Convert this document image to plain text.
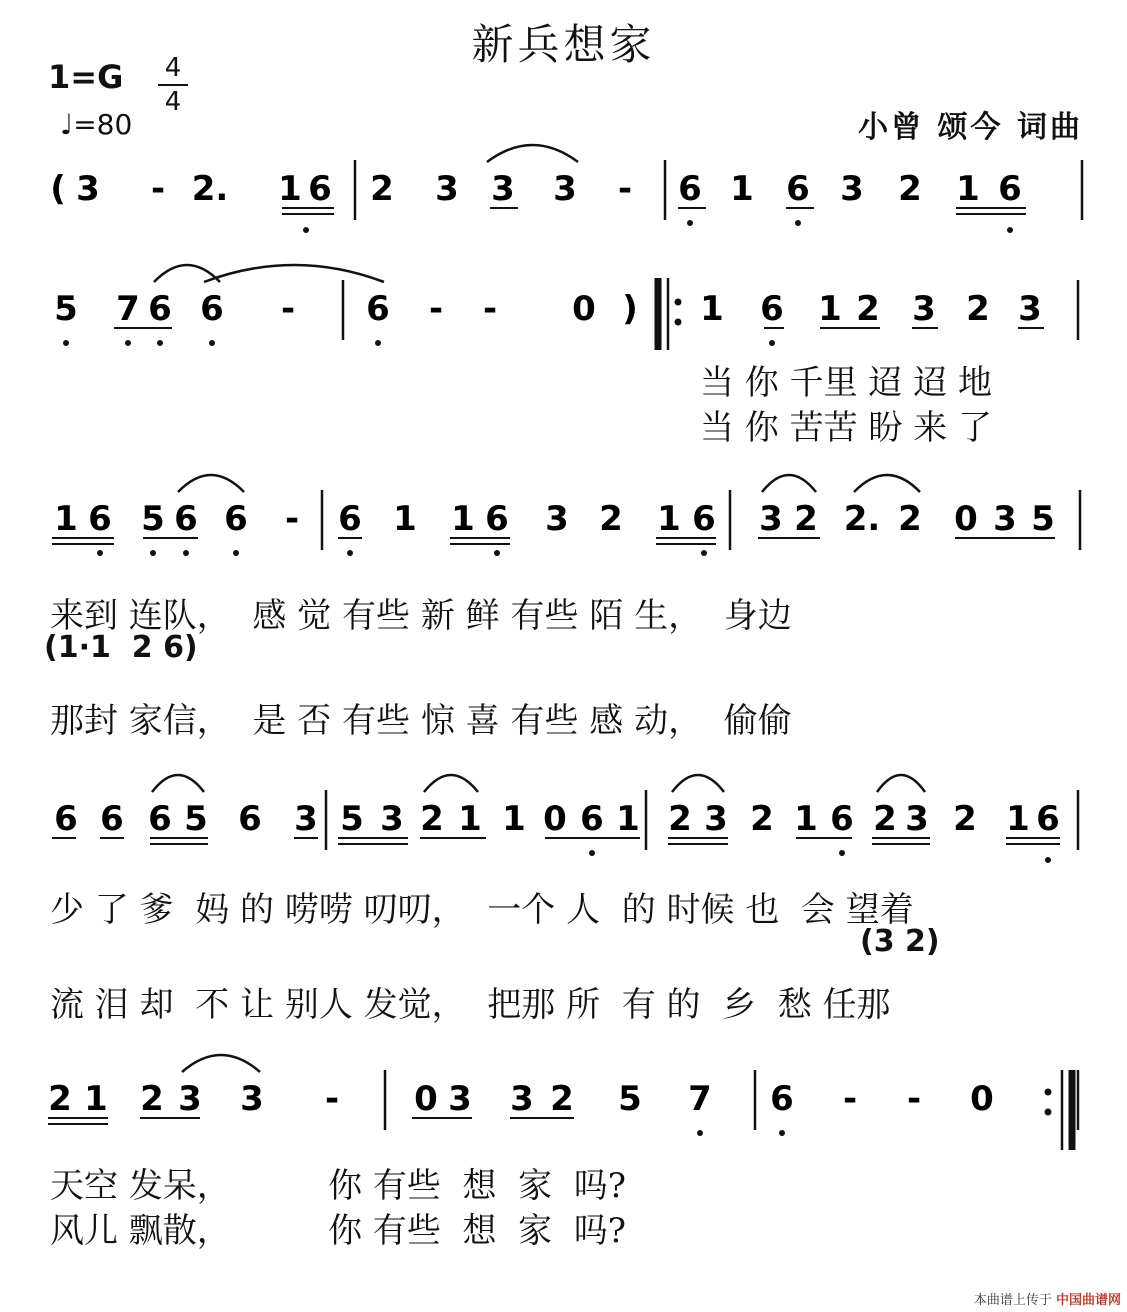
新兵想家
1=G 4
4
♩=80	小曾 颂今 词曲
( 3 - 2. 1 6 2 3 3 3 - 6 1 6 3 2 1 6
5 7 6 6 - 6 - - 0 ) 1 6 1 2 3 2 3
当 你 千里 迢 迢 地
当 你 苦苦 盼 来 了
1 6 5 6 6 - 6 1 1 6 3 2 1 6 3 2 2. 2 0 3 5
来到 连队，  感 觉 有些 新 鲜 有些 陌 生，  身边
(1·1  2 6)
那封 家信，  是 否 有些 惊 喜 有些 感 动，  偷偷
6 6 6 5 6 3 5 3 2 1 1 0 6 1 2 3 2 1 6 2 3 2 1 6
少 了 爹  妈 的 唠唠 叨叨，  一个 人  的 时候 也  会 望着
(3 2)
流 泪 却  不 让 别人 发觉，  把那 所  有 的  乡  愁 任那
2 1 2 3 3 - 0 3 3 2 5 7 6 - - 0
天空 发呆，         你 有些  想  家  吗?
风儿 飘散，         你 有些  想  家  吗?
本曲谱上传于 中国曲谱网
